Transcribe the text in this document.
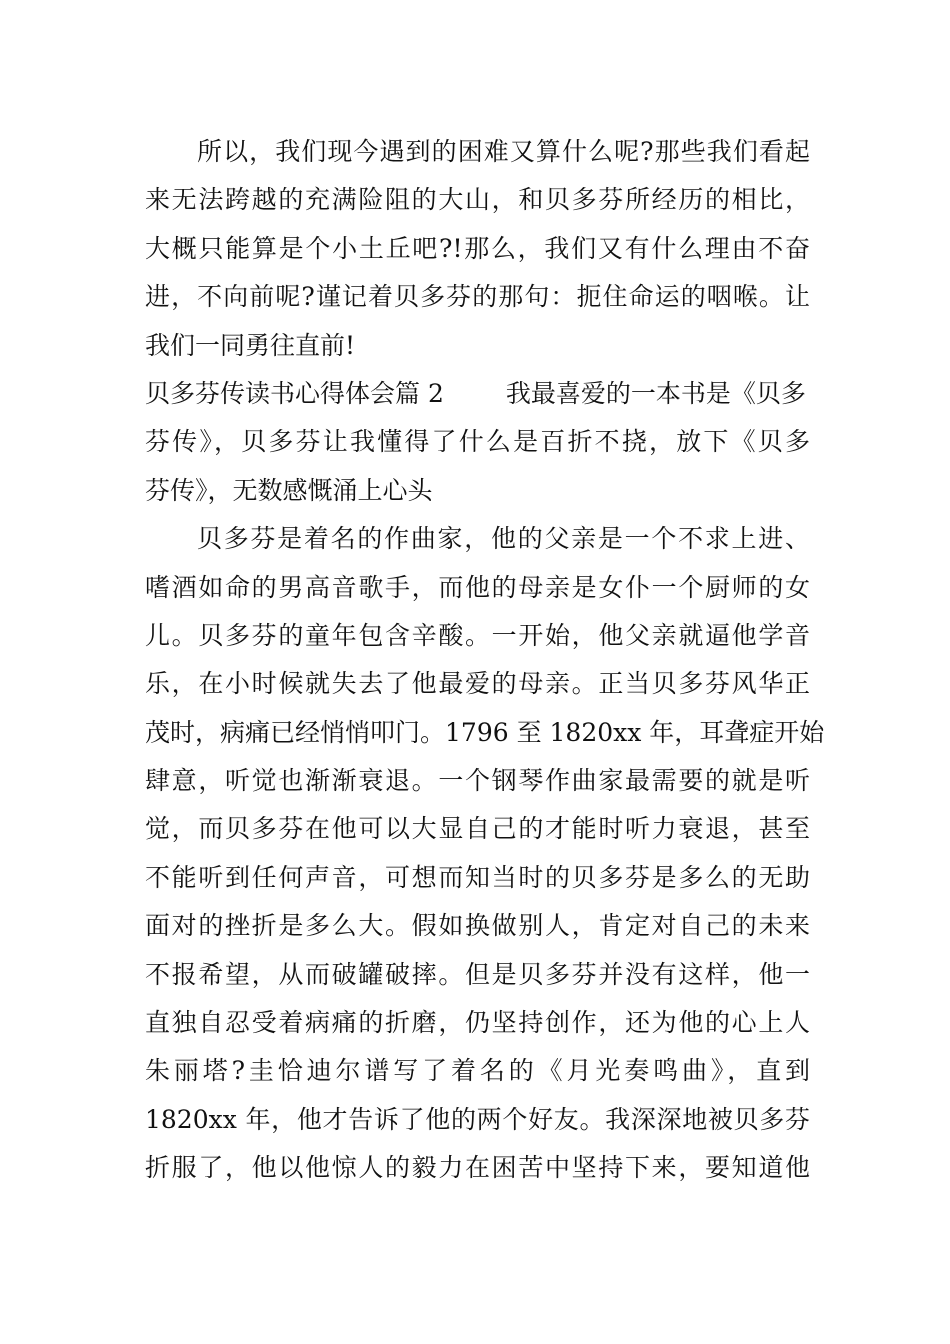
所以，我们现今遇到的困难又算什么呢?那些我们看起
来无法跨越的充满险阻的大山，和贝多芬所经历的相比，
大概只能算是个小土丘吧?!那么，我们又有什么理由不奋
进，不向前呢?谨记着贝多芬的那句：扼住命运的咽喉。让
我们一同勇往直前!
贝多芬传读书心得体会篇 2 我最喜爱的一本书是《贝多
芬传》，贝多芬让我懂得了什么是百折不挠，放下《贝多
芬传》，无数感慨涌上心头
贝多芬是着名的作曲家，他的父亲是一个不求上进、
嗜酒如命的男高音歌手，而他的母亲是女仆一个厨师的女
儿。贝多芬的童年包含辛酸。一开始，他父亲就逼他学音
乐，在小时候就失去了他最爱的母亲。正当贝多芬风华正
茂时，病痛已经悄悄叩门。1796 至 1820xx 年，耳聋症开始
肆意，听觉也渐渐衰退。一个钢琴作曲家最需要的就是听
觉，而贝多芬在他可以大显自己的才能时听力衰退，甚至
不能听到任何声音，可想而知当时的贝多芬是多么的无助
面对的挫折是多么大。假如换做别人，肯定对自己的未来
不报希望，从而破罐破摔。但是贝多芬并没有这样，他一
直独自忍受着病痛的折磨，仍坚持创作，还为他的心上人
朱丽塔?圭恰迪尔谱写了着名的《月光奏鸣曲》，直到
1820xx 年，他才告诉了他的两个好友。我深深地被贝多芬
折服了，他以他惊人的毅力在困苦中坚持下来，要知道他
